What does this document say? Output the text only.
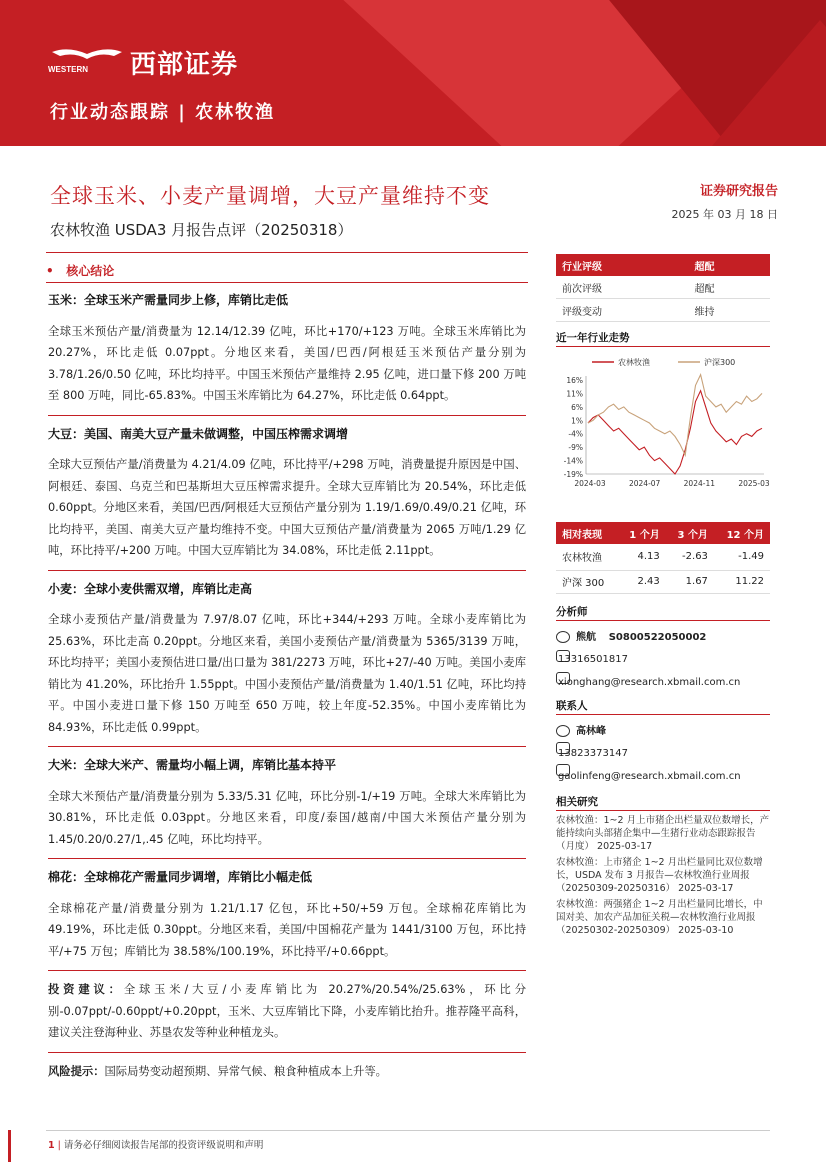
WESTERN 西部证券
行业动态跟踪 | 农林牧渔
全球玉米、小麦产量调增，大豆产量维持不变
农林牧渔 USDA3 月报告点评（20250318）
证券研究报告
2025 年 03 月 18 日
•   核心结论
玉米：全球玉米产需量同步上修，库销比走低

全球玉米预估产量/消费量为 12.14/12.39 亿吨，环比+170/+123 万吨。全球玉米库销比为 20.27%，环比走低 0.07ppt。分地区来看，美国/巴西/阿根廷玉米预估产量分别为 3.78/1.26/0.50 亿吨，环比均持平。中国玉米预估产量维持 2.95 亿吨，进口量下修 200 万吨至 800 万吨，同比-65.83%。中国玉米库销比为 64.27%，环比走低 0.64ppt。

大豆：美国、南美大豆产量未做调整，中国压榨需求调增

全球大豆预估产量/消费量为 4.21/4.09 亿吨，环比持平/+298 万吨，消费量提升原因是中国、阿根廷、泰国、乌克兰和巴基斯坦大豆压榨需求提升。全球大豆库销比为 20.54%，环比走低 0.60ppt。分地区来看，美国/巴西/阿根廷大豆预估产量分别为 1.19/1.69/0.49/0.21 亿吨，环比均持平，美国、南美大豆产量均维持不变。中国大豆预估产量/消费量为 2065 万吨/1.29 亿吨，环比持平/+200 万吨。中国大豆库销比为 34.08%，环比走低 2.11ppt。

小麦：全球小麦供需双增，库销比走高

全球小麦预估产量/消费量为 7.97/8.07 亿吨，环比+344/+293 万吨。全球小麦库销比为 25.63%，环比走高 0.20ppt。分地区来看，美国小麦预估产量/消费量为 5365/3139 万吨，环比均持平；美国小麦预估进口量/出口量为 381/2273 万吨，环比+27/-40 万吨。美国小麦库销比为 41.20%，环比抬升 1.55ppt。中国小麦预估产量/消费量为 1.40/1.51 亿吨，环比均持平。中国小麦进口量下修 150 万吨至 650 万吨，较上年度-52.35%。中国小麦库销比为 84.93%，环比走低 0.99ppt。

大米：全球大米产、需量均小幅上调，库销比基本持平

全球大米预估产量/消费量分别为 5.33/5.31 亿吨，环比分别-1/+19 万吨。全球大米库销比为 30.81%，环比走低 0.03ppt。分地区来看，印度/泰国/越南/中国大米预估产量分别为 1.45/0.20/0.27/1,.45 亿吨，环比均持平。

棉花：全球棉花产需量同步调增，库销比小幅走低

全球棉花产量/消费量分别为 1.21/1.17 亿包，环比+50/+59 万包。全球棉花库销比为 49.19%，环比走低 0.30ppt。分地区来看，美国/中国棉花产量为 1441/3100 万包，环比持平/+75 万包；库销比为 38.58%/100.19%，环比持平/+0.66ppt。

投资建议：全球玉米/大豆/小麦库销比为 20.27%/20.54%/25.63%，环比分别-0.07ppt/-0.60ppt/+0.20ppt，玉米、大豆库销比下降，小麦库销比抬升。推荐隆平高科，建议关注登海种业、苏垦农发等种业种植龙头。

风险提示：国际局势变动超预期、异常气候、粮食种植成本上升等。

行业评级	超配
前次评级	超配
评级变动	维持
近一年行业走势
农林牧渔	沪深300
16%
11%
6%
1%
-4%
-9%
-14%
-19%
2024-03	2024-07	2024-11	2025-03
相对表现	1 个月	3 个月	12 个月
农林牧渔	4.13	-2.63	-1.49
沪深 300	2.43	1.67	11.22
分析师
熊航 S0800522050002
13316501817
xionghang@research.xbmail.com.cn
联系人
高林峰
13823373147
gaolinfeng@research.xbmail.com.cn
相关研究
农林牧渔：1~2 月上市猪企出栏量双位数增长，产能持续向头部猪企集中—生猪行业动态跟踪报告（月度） 2025-03-17
农林牧渔：上市猪企 1~2 月出栏量同比双位数增长，USDA 发布 3 月报告—农林牧渔行业周报（20250309-20250316） 2025-03-17
农林牧渔：两强猪企 1~2 月出栏量同比增长，中国对美、加农产品加征关税—农林牧渔行业周报（20250302-20250309） 2025-03-10
1 | 请务必仔细阅读报告尾部的投资评级说明和声明
